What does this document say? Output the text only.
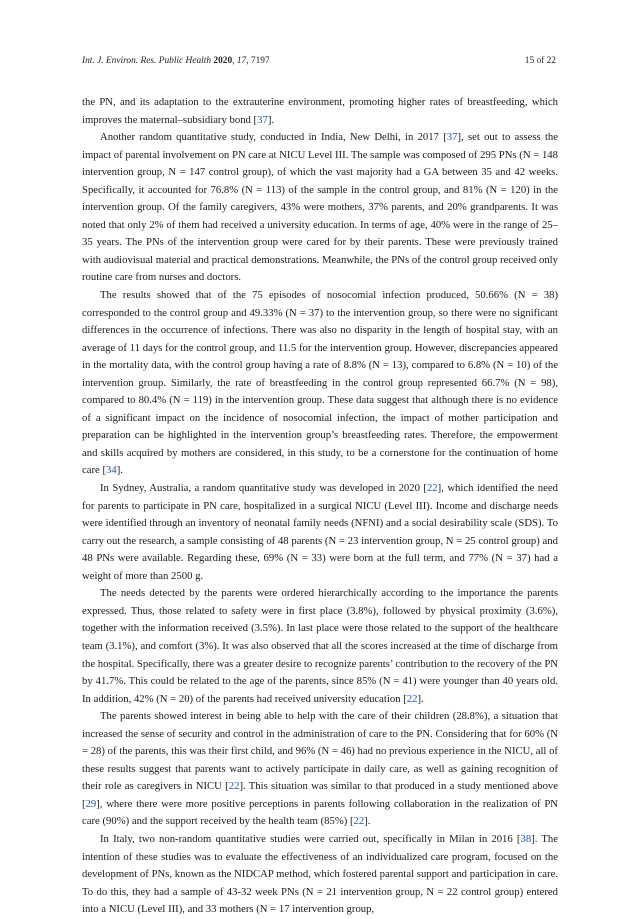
Int. J. Environ. Res. Public Health 2020, 17, 7197	15 of 22

the PN, and its adaptation to the extrauterine environment, promoting higher rates of breastfeeding, which improves the maternal–subsidiary bond [37].

Another random quantitative study, conducted in India, New Delhi, in 2017 [37], set out to assess the impact of parental involvement on PN care at NICU Level III. The sample was composed of 295 PNs (N = 148 intervention group, N = 147 control group), of which the vast majority had a GA between 35 and 42 weeks. Specifically, it accounted for 76.8% (N = 113) of the sample in the control group, and 81% (N = 120) in the intervention group. Of the family caregivers, 43% were mothers, 37% parents, and 20% grandparents. It was noted that only 2% of them had received a university education. In terms of age, 40% were in the range of 25–35 years. The PNs of the intervention group were cared for by their parents. These were previously trained with audiovisual material and practical demonstrations. Meanwhile, the PNs of the control group received only routine care from nurses and doctors.

The results showed that of the 75 episodes of nosocomial infection produced, 50.66% (N = 38) corresponded to the control group and 49.33% (N = 37) to the intervention group, so there were no significant differences in the occurrence of infections. There was also no disparity in the length of hospital stay, with an average of 11 days for the control group, and 11.5 for the intervention group. However, discrepancies appeared in the mortality data, with the control group having a rate of 8.8% (N = 13), compared to 6.8% (N = 10) of the intervention group. Similarly, the rate of breastfeeding in the control group represented 66.7% (N = 98), compared to 80.4% (N = 119) in the intervention group. These data suggest that although there is no evidence of a significant impact on the incidence of nosocomial infection, the impact of mother participation and preparation can be highlighted in the intervention group’s breastfeeding rates. Therefore, the empowerment and skills acquired by mothers are considered, in this study, to be a cornerstone for the continuation of home care [34].

In Sydney, Australia, a random quantitative study was developed in 2020 [22], which identified the need for parents to participate in PN care, hospitalized in a surgical NICU (Level III). Income and discharge needs were identified through an inventory of neonatal family needs (NFNI) and a social desirability scale (SDS). To carry out the research, a sample consisting of 48 parents (N = 23 intervention group, N = 25 control group) and 48 PNs were available. Regarding these, 69% (N = 33) were born at the full term, and 77% (N = 37) had a weight of more than 2500 g.

The needs detected by the parents were ordered hierarchically according to the importance the parents expressed. Thus, those related to safety were in first place (3.8%), followed by physical proximity (3.6%), together with the information received (3.5%). In last place were those related to the support of the healthcare team (3.1%), and comfort (3%). It was also observed that all the scores increased at the time of discharge from the hospital. Specifically, there was a greater desire to recognize parents’ contribution to the recovery of the PN by 41.7%. This could be related to the age of the parents, since 85% (N = 41) were younger than 40 years old. In addition, 42% (N = 20) of the parents had received university education [22].

The parents showed interest in being able to help with the care of their children (28.8%), a situation that increased the sense of security and control in the administration of care to the PN. Considering that for 60% (N = 28) of the parents, this was their first child, and 96% (N = 46) had no previous experience in the NICU, all of these results suggest that parents want to actively participate in daily care, as well as gaining recognition of their role as caregivers in NICU [22]. This situation was similar to that produced in a study mentioned above [29], where there were more positive perceptions in parents following collaboration in the realization of PN care (90%) and the support received by the health team (85%) [22].

In Italy, two non-random quantitative studies were carried out, specifically in Milan in 2016 [38]. The intention of these studies was to evaluate the effectiveness of an individualized care program, focused on the development of PNs, known as the NIDCAP method, which fostered parental support and participation in care. To do this, they had a sample of 43-32 week PNs (N = 21 intervention group, N = 22 control group) entered into a NICU (Level III), and 33 mothers (N = 17 intervention group,
